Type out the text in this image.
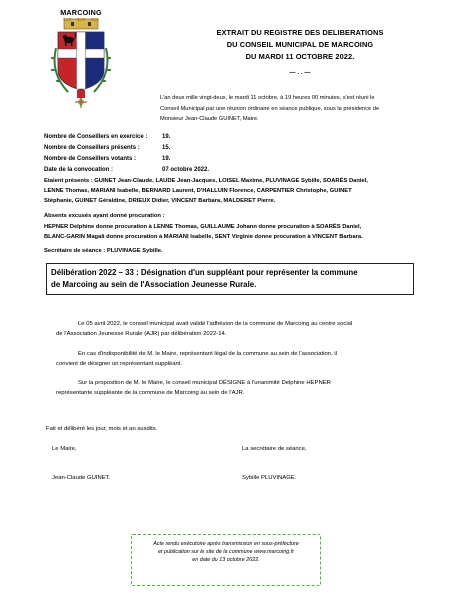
MARCOING
EXTRAIT DU REGISTRE DES DELIBERATIONS
DU CONSEIL MUNICIPAL DE MARCOING
DU MARDI 11 OCTOBRE 2022.
— . . —
L'an deux mille vingt-deux, le mardi 11 octobre, à 19 heures 00 minutes, s'est réuni le
Conseil Municipal par une réunion ordinaire en séance publique, sous la présidence de
Monsieur Jean-Claude GUINET, Maire.
Nombre de Conseillers en exercice : 19.
Nombre de Conseillers présents :	15.
Nombre de Conseillers votants :	19.
Date de la convocation :	07 octobre 2022.
Etaient présents : GUINET Jean-Claude, LAUDE Jean-Jacques, LOISEL Maxime, PLUVINAGE Sybille, SOARÈS Daniel,
LENNE Thomas, MARIANI Isabelle, BERNARD Laurent, D'HALLUIN Florence, CARPENTIER Christophe, GUINET
Stéphanie, GUINET Géraldine, DRIEUX Didier, VINCENT Barbara, MALDERET Pierre.
Absents excusés ayant donné procuration :
HEPNER Delphine donne procuration à LENNE Thomas, GUILLAUME Johann donne procuration à SOARÈS Daniel,
BLANC-GARIN Magali donne procuration à MARIANI Isabelle, SENT Virginie donne procuration à VINCENT Barbara.
Secrétaire de séance : PLUVINAGE Sybille.
Délibération 2022 – 33 : Désignation d'un suppléant pour représenter la commune
de Marcoing au sein de l'Association Jeunesse Rurale.
Le 05 avril 2022, le conseil municipal avait validé l'adhésion de la commune de Marcoing au centre social
de l'Association Jeunesse Rurale (AJR) par délibération 2022-14.
En cas d'indisponibilité de M. le Maire, représentant légal de la commune au sein de l'association, il
convient de désigner un représentant suppléant.
Sur la proposition de M. le Maire, le conseil municipal DÉSIGNE à l'unanimité Delphine HEPNER
représentante suppléante de la commune de Marcoing au sein de l'AJR.
Fait et délibéré les jour, mois et an susdits.
Le Maire,	La secrétaire de séance,
Jean-Claude GUINET.	Sybille PLUVINAGE.
Acte rendu exécutoire après transmission en sous-préfecture
et publication sur le site de la commune www.marcoing.fr
en date du 13 octobre 2022.
